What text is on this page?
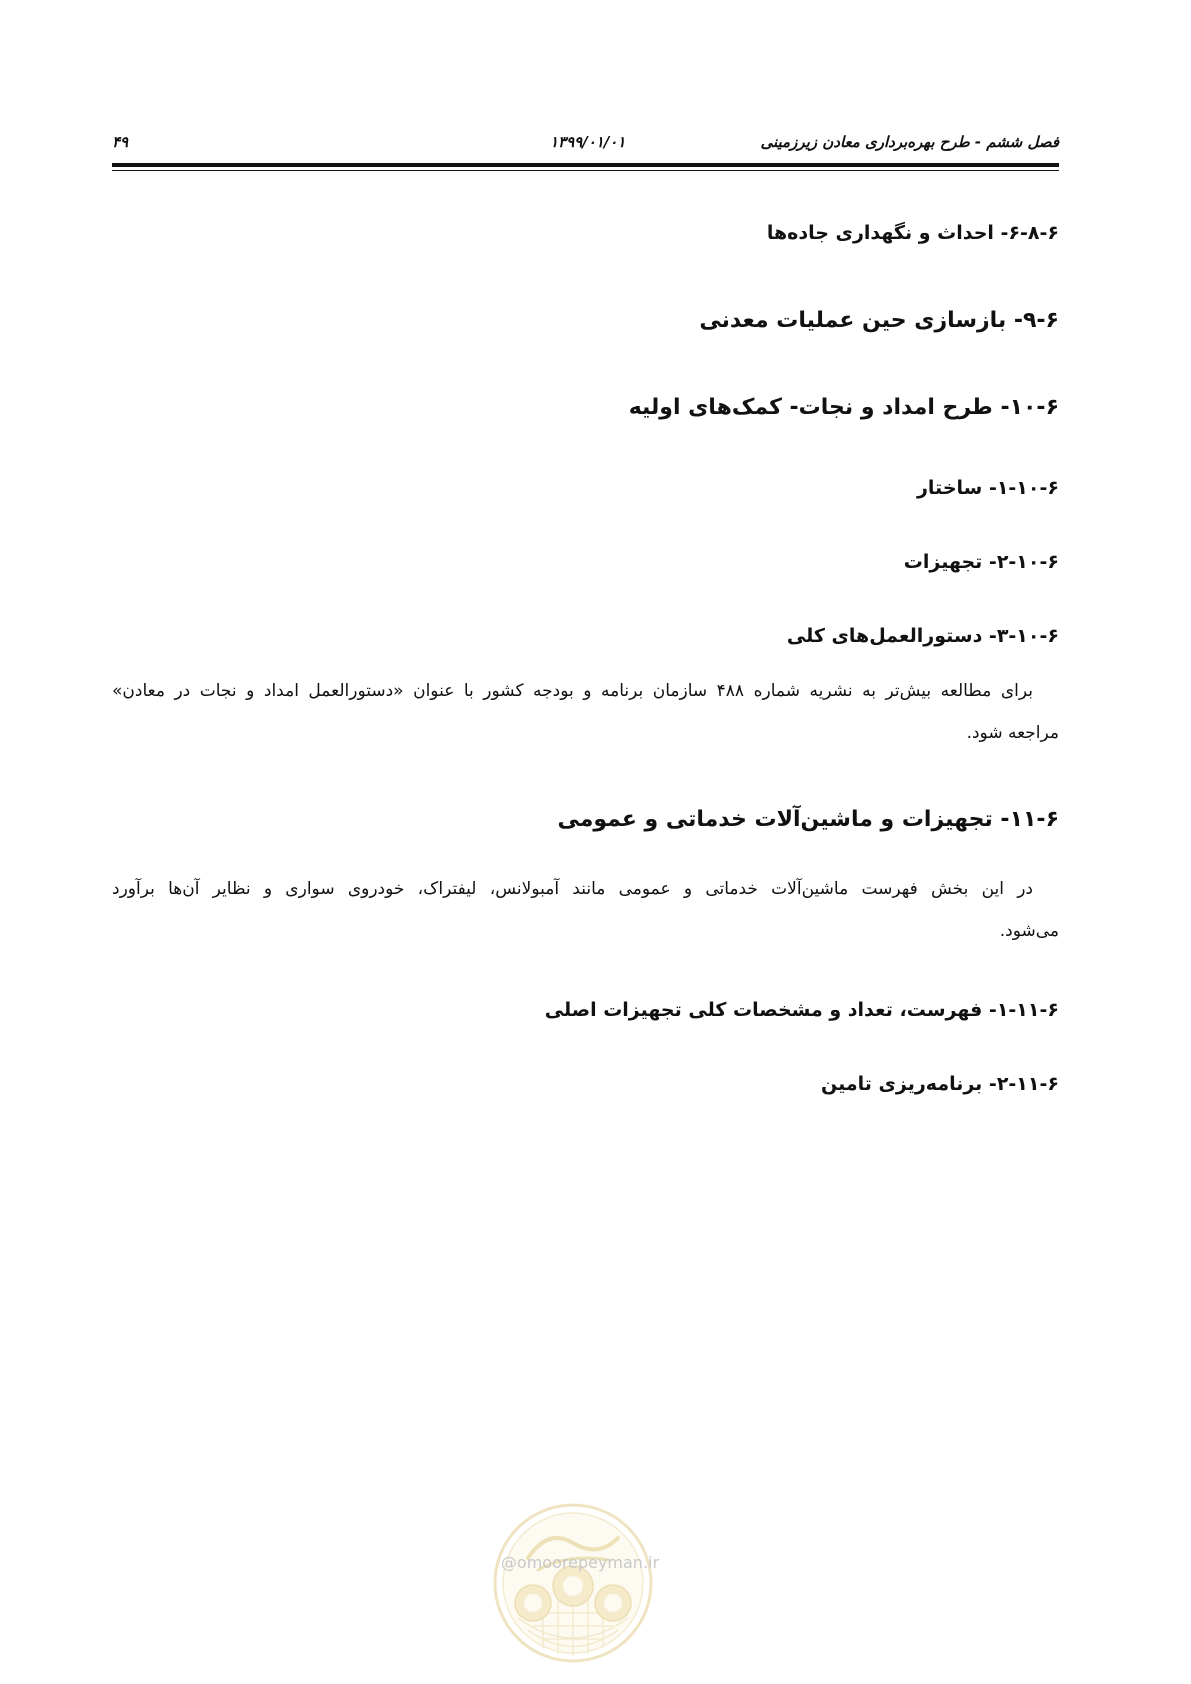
فصل ششم - طرح بهره‌برداری معادن زیرزمینی
۱۳۹۹/۰۱/۰۱
۴۹
۶-۸-۶- احداث و نگهداری جاده‌ها
۹-۶- بازسازی حین عملیات معدنی
۱۰-۶- طرح امداد و نجات- کمک‌های اولیه
۱-۱۰-۶- ساختار
۲-۱۰-۶- تجهیزات
۳-۱۰-۶- دستورالعمل‌های کلی
برای مطالعه بیش‌تر به نشریه شماره ۴۸۸ سازمان برنامه و بودجه کشور با عنوان «دستورالعمل امداد و نجات در معادن»
مراجعه شود.
۱۱-۶- تجهیزات و ماشین‌آلات خدماتی و عمومی
در این بخش فهرست ماشین‌آلات خدماتی و عمومی مانند آمبولانس، لیفتراک، خودروی سواری و نظایر آن‌ها برآورد
می‌شود.
۱-۱۱-۶- فهرست، تعداد و مشخصات کلی تجهیزات اصلی
۲-۱۱-۶- برنامه‌ریزی تامین
@omoorepeyman.ir
